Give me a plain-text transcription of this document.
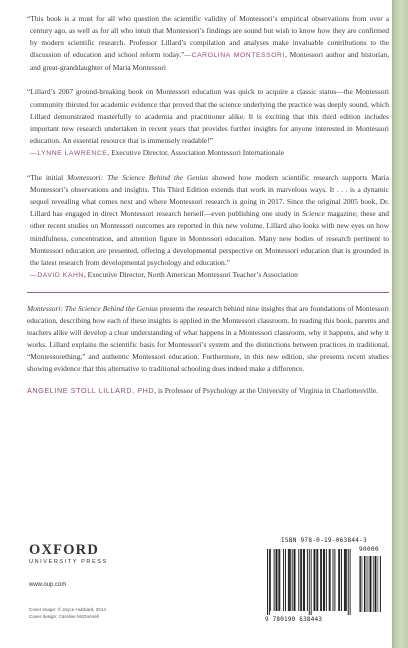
“This book is a must for all who question the scientific validity of Montessori’s empirical observations from over a century ago, as well as for all who intuit that Montessori’s findings are sound but wish to know how they are confirmed by modern scientific research. Professor Lillard’s compilation and analyses make invaluable contributions to the discussion of education and school reform today.”—CAROLINA MONTESSORI, Montessori author and historian, and great-granddaughter of Maria Montessori

“Lillard’s 2007 ground-breaking book on Montessori education was quick to acquire a classic status—the Montessori community thirsted for academic evidence that proved that the science underlying the practice was deeply sound, which Lillard demonstrated masterfully to academia and practitioner alike. It is exciting that this third edition includes important new research undertaken in recent years that provides further insights for anyone interested in Montessori education. An essential resource that is immensely readable!”
—LYNNE LAWRENCE, Executive Director, Association Montessori Internationale

“The initial Montessori: The Science Behind the Genius showed how modern scientific research supports Maria Montessori’s observations and insights. This Third Edition extends that work in marvelous ways. It . . . is a dynamic sequel revealing what comes next and where Montessori research is going in 2017. Since the original 2005 book, Dr. Lillard has engaged in direct Montessori research herself—even publishing one study in Science magazine; these and other recent studies on Montessori outcomes are reported in this new volume. Lillard also looks with new eyes on how mindfulness, concentration, and attention figure in Montessori education. Many new bodies of research pertinent to Montessori education are presented, offering a developmental perspective on Montessori education that is grounded in the latest research from developmental psychology and education.”
—DAVID KAHN, Executive Director, North American Montessori Teacher’s Association

Montessori: The Science Behind the Genius presents the research behind nine insights that are foundations of Montessori education, describing how each of these insights is applied in the Montessori classroom. In reading this book, parents and teachers alike will develop a clear understanding of what happens in a Montessori classroom, why it happens, and why it works. Lillard explains the scientific basis for Montessori’s system and the distinctions between practices in traditional, “Montessorething,” and authentic Montessori education. Furthermore, in this new edition, she presents recent studies showing evidence that this alternative to traditional schooling does indeed make a difference.

ANGELINE STOLL LILLARD, PHD, is Professor of Psychology at the University of Virginia in Charlottesville.

OXFORD
UNIVERSITY PRESS
www.oup.com
Cover image: © Joyce Hubbard, 2014
Cover design: Caroline McDonnell
ISBN 978-0-19-063844-3
9 780190 638443
90000
